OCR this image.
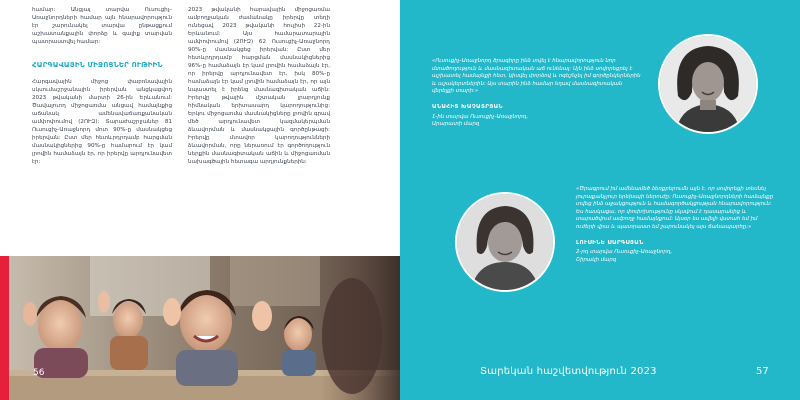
համար: Անցյալ տարվա Ուսուցիչ-Առաջնորդների համար այն հնարավորություն էր շարունակել տարվա ընթացքում աշխատանքային փորձը և գալիք տարվան պատրաստվել համար:

ՀԱՐԳԱՎԱՅԻՆ ՄԻՋՈՑՆԵՐ ՈՒԹԻԻՆ

Հարգավային միջոց փաբռնավային սկսումաշրջանային իրերվան անցկացվող 2023 թվականի մարտի 26-ին Երևանում: Ծավալուող միջոցառմա անցավ համայնքից աճանակ ամենավաճառքանական ամփոփումով (2ՈՒԶ): Տարաժաշրջաներ 81 Ուսուցիչ-Առաջնորդ մոտ 90%-ը մասնակցեց իրերվան: Ըստ մեր հետևրդրդամբ հարցման մասնակիցներից 90%-ը համարում էր կամ լրովին համաձայն էր, որ իրերվը արդյունավետ էր:

2023 թվականի հարավային միջոցառմա ամբողջական ժամանակը իրերվը տեղի ունեցավ 2023 թվականի հուլիսի 22-ին Երևանում: Այս համարատարային ամփոփումով (2ՈՒԶ) 62 Ուսուցիչ-Առաջնորդ 90%-ը մասնակցեց իրերվան: Ըստ մեր հետևրդրդամբ հարցման մասնակիցներից 96%-ը համաձայն էր կամ լրովին համաձայն էր, որ իրերվը արդյունավետ էր, իսկ 80%-ը համաձայն էր կամ լրովին համաձայն էր, որ այն նպաստել է իրենց մասնագիտական աճին: Իրերվը թվային մշտական լրարդյունք հիմնական երիտասարդ կարողությունից: Երկու միջոցառմա մասնակիցները լրովին գրավ մեծ արդյունավետ կազմակերպման ձևավորման և մասնակցային գործընթացի: Իրերվը մտավոր կարողությունների ձևավորման, որը ներառում էր գործողություն ներքին մասնագիտական աճին և միջոցառման նախագծային հետագա արդյունքներին:

56

«Ուսուցիչ-Առաջնորդ ծրագիրը ինձ տվել է հնարավորություն նոր մտածողություն և մասնագիտական աճ ունենալ: Այն ինձ սովորեցրել է աշխատել համայնքի հետ, կիսվել փորձով և ոգեշնչել իմ գործընկերներին և աշակերտներին: Այս տարին ինձ համար եղավ մասնագիտական վերելքի տարի:»

ԱՆԱՀԻՏ ԽԱՉԱՏՐՅԱՆ
1-ին տարվա Ուսուցիչ-Առաջնորդ,
Արարատի մարզ

«Ծրագրում իմ ամենամեծ ձեռքբերումն այն է, որ սովորեցի տեսնել յուրաքանչյուր երեխայի ներուժը: Ուսուցիչ-Առաջնորդների համայնքը տվեց ինձ աջակցություն և համագործակցության հնարավորություն: Ես հասկացա, որ փոփոխությունը սկսվում է դասարանից և տարածվում ամբողջ համայնքում: Այսօր ես ավելի վստահ եմ իմ ուժերի վրա և պատրաստ եմ շարունակել այս ճանապարհը:»

ԼՈՒՍԻՆԵ ՍԱՐԳՍՅԱՆ
2-րդ տարվա Ուսուցիչ-Առաջնորդ,
Շիրակի մարզ
Տարեկան հաշվետվություն 2023	57
